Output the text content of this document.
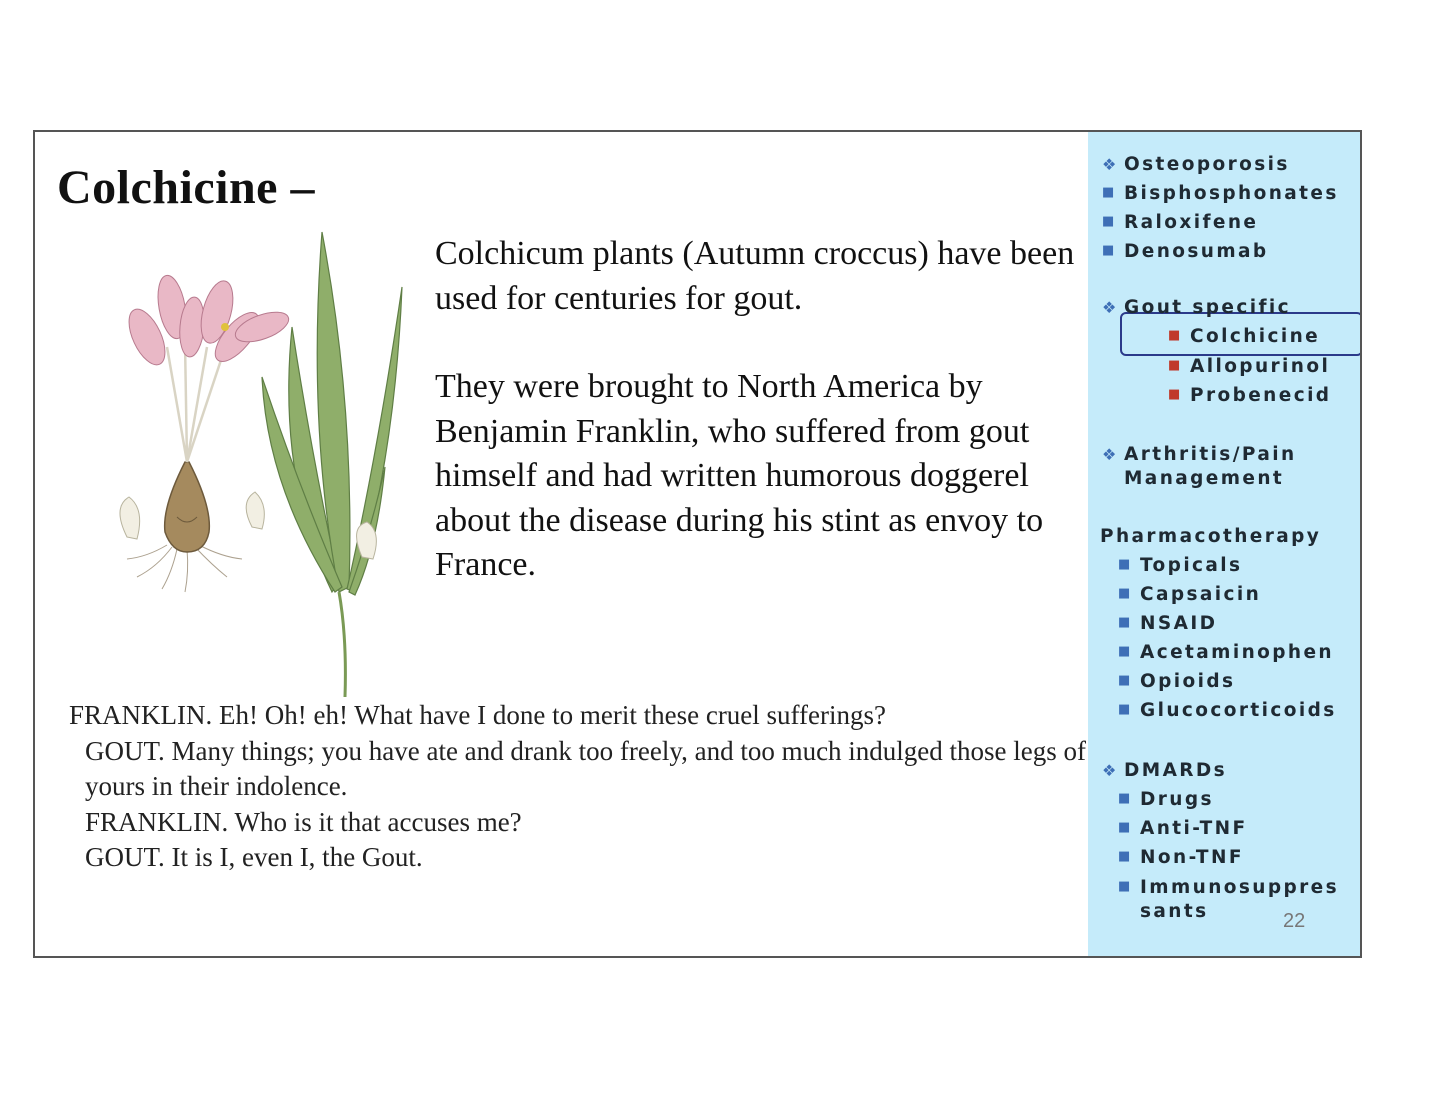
Colchicine –

Colchicum plants (Autumn croccus) have been used for centuries for gout.

They were brought to North America by Benjamin Franklin, who suffered from gout himself and had written humorous doggerel about the disease during his stint as envoy to France.

FRANKLIN. Eh! Oh! eh! What have I done to merit these cruel sufferings?

GOUT. Many things; you have ate and drank too freely, and too much indulged those legs of yours in their indolence.

FRANKLIN. Who is it that accuses me?

GOUT. It is I, even I, the Gout.

❖ Osteoporosis
■ Bisphosphonates
■ Raloxifene
■ Denosumab
❖ Gout specific
■ Colchicine
■ Allopurinol
■ Probenecid
❖ Arthritis/Pain
Management
Pharmacotherapy
■ Topicals
■ Capsaicin
■ NSAID
■ Acetaminophen
■ Opioids
■ Glucocorticoids
❖ DMARDs
■ Drugs
■ Anti-TNF
■ Non-TNF
■ Immunosuppres
sants	22
